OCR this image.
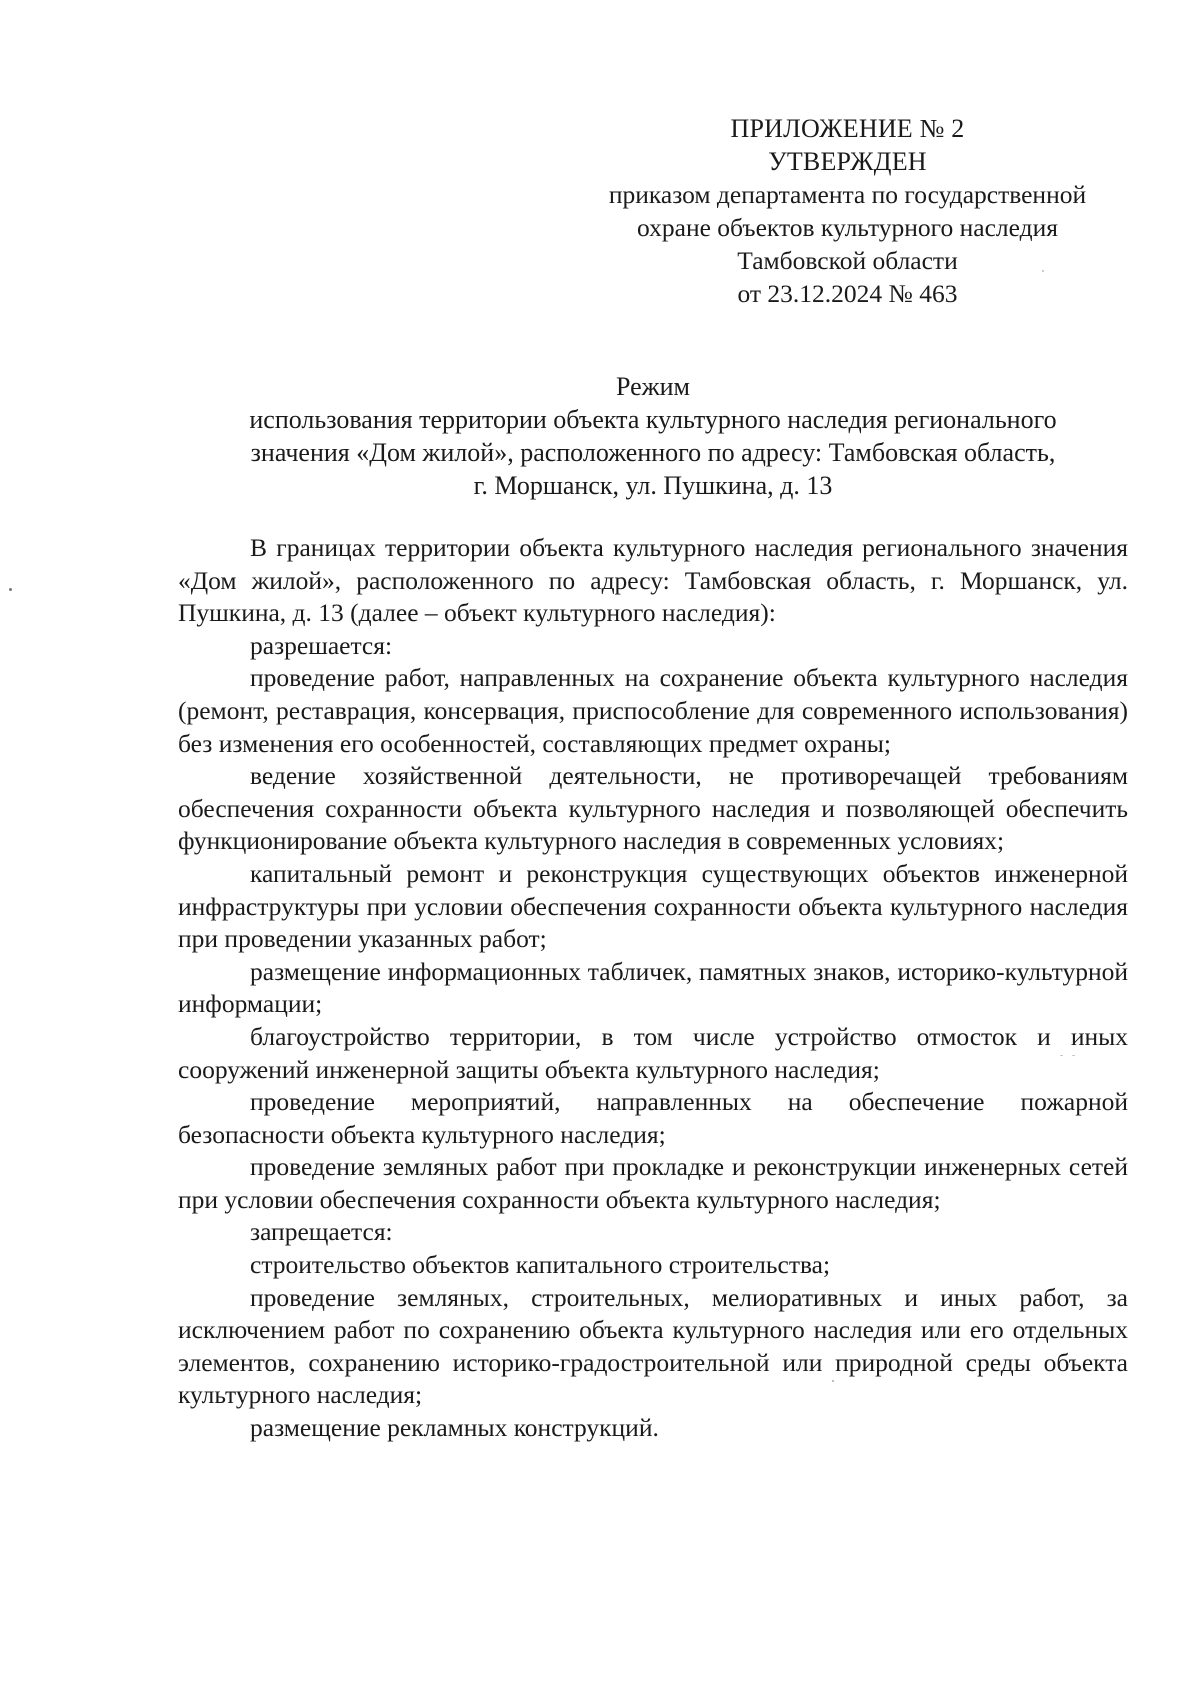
ПРИЛОЖЕНИЕ № 2
УТВЕРЖДЕН
приказом департамента по государственной
охране объектов культурного наследия
Тамбовской области
от 23.12.2024 № 463
Режим
использования территории объекта культурного наследия регионального
значения «Дом жилой», расположенного по адресу: Тамбовская область,
г. Моршанск, ул. Пушкина, д. 13

В границах территории объекта культурного наследия регионального значения «Дом жилой», расположенного по адресу: Тамбовская область, г. Моршанск, ул. Пушкина, д. 13 (далее – объект культурного наследия):

разрешается:

проведение работ, направленных на сохранение объекта культурного наследия (ремонт, реставрация, консервация, приспособление для современного использования) без изменения его особенностей, составляющих предмет охраны;

ведение хозяйственной деятельности, не противоречащей требованиям обеспечения сохранности объекта культурного наследия и позволяющей обеспечить функционирование объекта культурного наследия в современных условиях;

капитальный ремонт и реконструкция существующих объектов инженерной инфраструктуры при условии обеспечения сохранности объекта культурного наследия при проведении указанных работ;

размещение информационных табличек, памятных знаков, историко-культурной информации;

благоустройство территории, в том числе устройство отмосток и иных сооружений инженерной защиты объекта культурного наследия;

проведение мероприятий, направленных на обеспечение пожарной безопасности объекта культурного наследия;

проведение земляных работ при прокладке и реконструкции инженерных сетей при условии обеспечения сохранности объекта культурного наследия;

запрещается:

строительство объектов капитального строительства;

проведение земляных, строительных, мелиоративных и иных работ, за исключением работ по сохранению объекта культурного наследия или его отдельных элементов, сохранению историко-градостроительной или природной среды объекта культурного наследия;

размещение рекламных конструкций.
